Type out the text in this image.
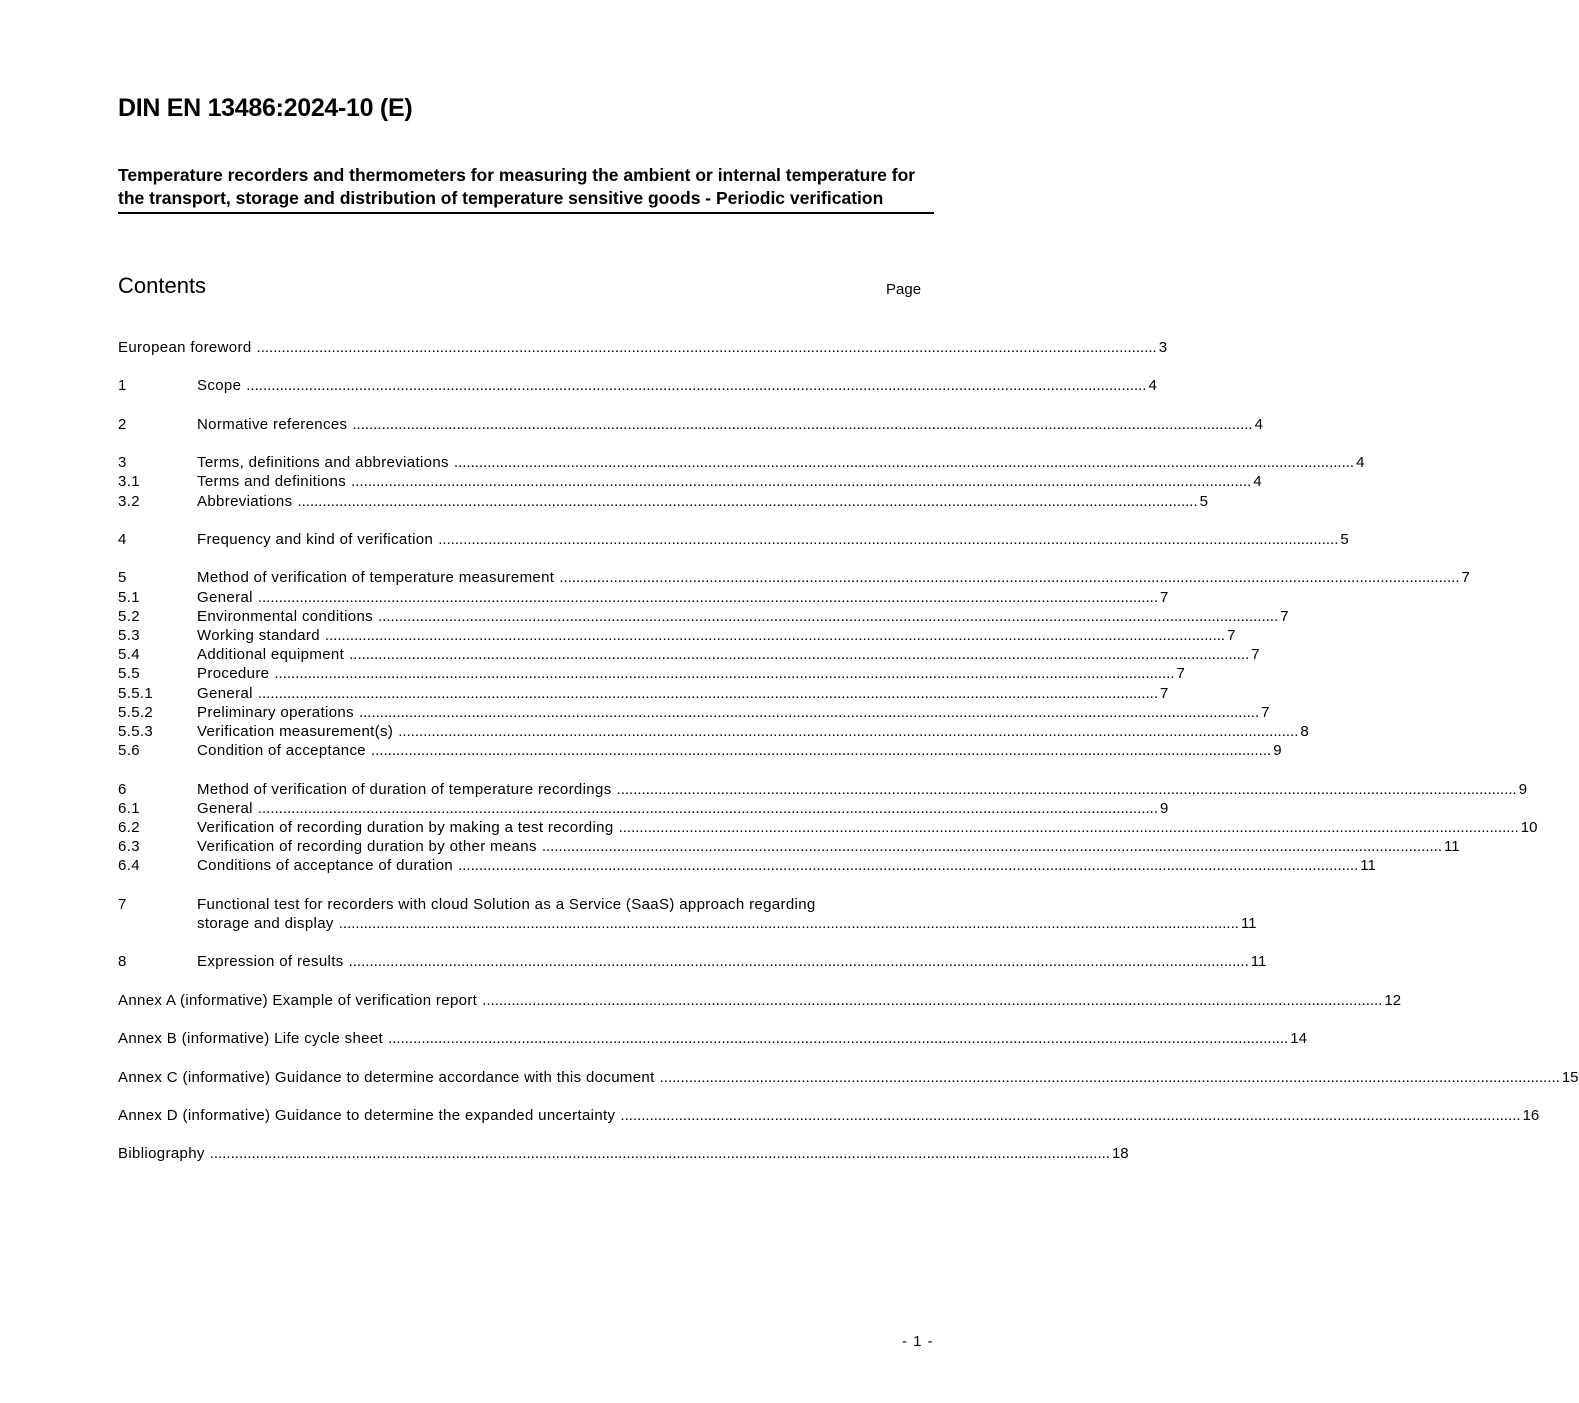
DIN EN 13486:2024-10 (E)
Temperature recorders and thermometers for measuring the ambient or internal temperature for the transport, storage and distribution of temperature sensitive goods - Periodic verification
Contents	Page
European foreword .....	3
1	Scope .....	4
2	Normative references .....	4
3	Terms, definitions and abbreviations .....	4
3.1	Terms and definitions .....	4
3.2	Abbreviations .....	5
4	Frequency and kind of verification .....	5
5	Method of verification of temperature measurement .....	7
5.1	General .....	7
5.2	Environmental conditions .....	7
5.3	Working standard .....	7
5.4	Additional equipment .....	7
5.5	Procedure .....	7
5.5.1	General .....	7
5.5.2	Preliminary operations .....	7
5.5.3	Verification measurement(s) .....	8
5.6	Condition of acceptance .....	9
6	Method of verification of duration of temperature recordings .....	9
6.1	General .....	9
6.2	Verification of recording duration by making a test recording .....	10
6.3	Verification of recording duration by other means .....	11
6.4	Conditions of acceptance of duration .....	11
7	Functional test for recorders with cloud Solution as a Service (SaaS) approach regarding
storage and display .....	11
8	Expression of results .....	11
Annex A (informative) Example of verification report .....	12
Annex B (informative) Life cycle sheet .....	14
Annex C (informative) Guidance to determine accordance with this document .....	15
Annex D (informative) Guidance to determine the expanded uncertainty .....	16
Bibliography .....	18
- 1 -
